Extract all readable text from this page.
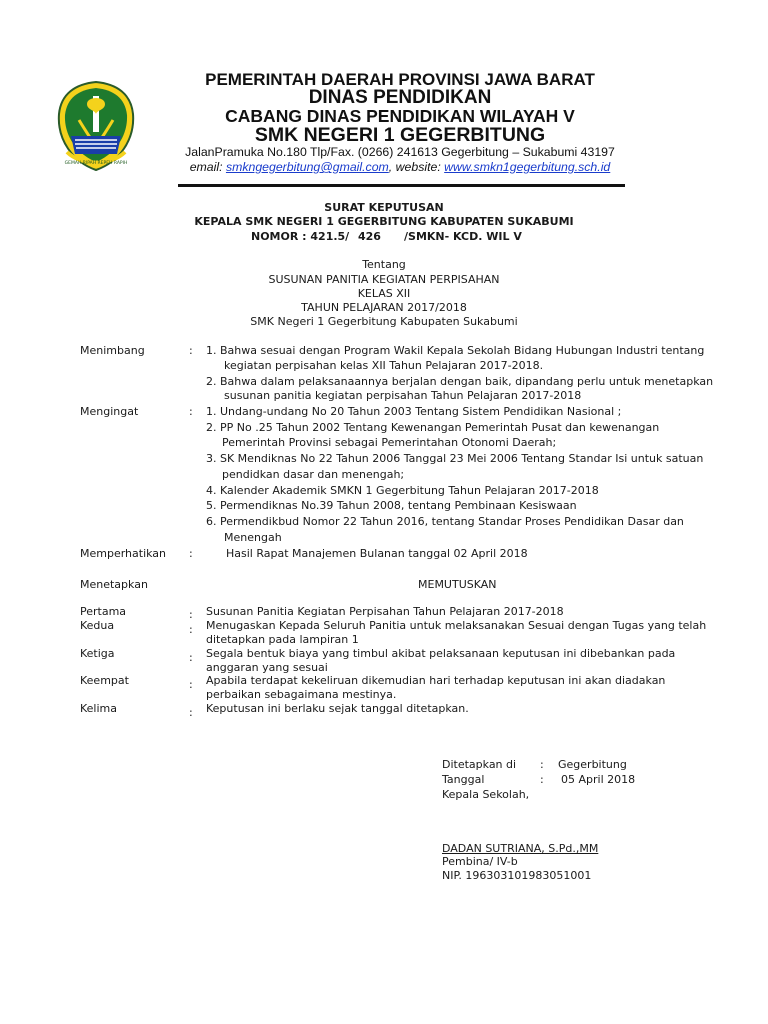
GEMAH RIPAH REPEH RAPIH
PEMERINTAH DAERAH PROVINSI JAWA BARAT
DINAS PENDIDIKAN
CABANG DINAS PENDIDIKAN WILAYAH V
SMK NEGERI 1 GEGERBITUNG
JalanPramuka No.180 Tlp/Fax. (0266) 241613 Gegerbitung – Sukabumi 43197
email: smkngegerbitung@gmail.com, website: www.smkn1gegerbitung.sch.id
SURAT KEPUTUSAN
KEPALA SMK NEGERI 1 GEGERBITUNG KABUPATEN SUKABUMI
NOMOR : 421.5/ 426 /SMKN- KCD. WIL V
Tentang
SUSUNAN PANITIA KEGIATAN PERPISAHAN
KELAS XII
TAHUN PELAJARAN 2017/2018
SMK Negeri 1 Gegerbitung Kabupaten Sukabumi
Menimbang	: 1. Bahwa sesuai dengan Program Wakil Kepala Sekolah Bidang Hubungan Industri tentang
kegiatan perpisahan kelas XII Tahun Pelajaran 2017-2018.
2. Bahwa dalam pelaksanaannya berjalan dengan baik, dipandang perlu untuk menetapkan
susunan panitia kegiatan perpisahan Tahun Pelajaran 2017-2018
Mengingat	: 1. Undang-undang No 20 Tahun 2003 Tentang Sistem Pendidikan Nasional ;
2. PP No .25 Tahun 2002 Tentang Kewenangan Pemerintah Pusat dan kewenangan
Pemerintah Provinsi sebagai Pemerintahan Otonomi Daerah;
3. SK Mendiknas No 22 Tahun 2006 Tanggal 23 Mei 2006 Tentang Standar Isi untuk satuan
pendidkan dasar dan menengah;
4. Kalender Akademik SMKN 1 Gegerbitung Tahun Pelajaran 2017-2018
5. Permendiknas No.39 Tahun 2008, tentang Pembinaan Kesiswaan
6. Permendikbud Nomor 22 Tahun 2016, tentang Standar Proses Pendidikan Dasar dan
Menengah
Memperhatikan :	Hasil Rapat Manajemen Bulanan tanggal 02 April 2018
Menetapkan	MEMUTUSKAN
Pertama	: Susunan Panitia Kegiatan Perpisahan Tahun Pelajaran 2017-2018
Kedua	: Menugaskan Kepada Seluruh Panitia untuk melaksanakan Sesuai dengan Tugas yang telah
ditetapkan pada lampiran 1
Ketiga	: Segala bentuk biaya yang timbul akibat pelaksanaan keputusan ini dibebankan pada
anggaran yang sesuai
Keempat	: Apabila terdapat kekeliruan dikemudian hari terhadap keputusan ini akan diadakan
perbaikan sebagaimana mestinya.
Kelima	: Keputusan ini berlaku sejak tanggal ditetapkan.
Ditetapkan di : Gegerbitung
Tanggal	: 05 April 2018
Kepala Sekolah,
DADAN SUTRIANA, S.Pd.,MM
Pembina/ IV-b
NIP. 196303101983051001
